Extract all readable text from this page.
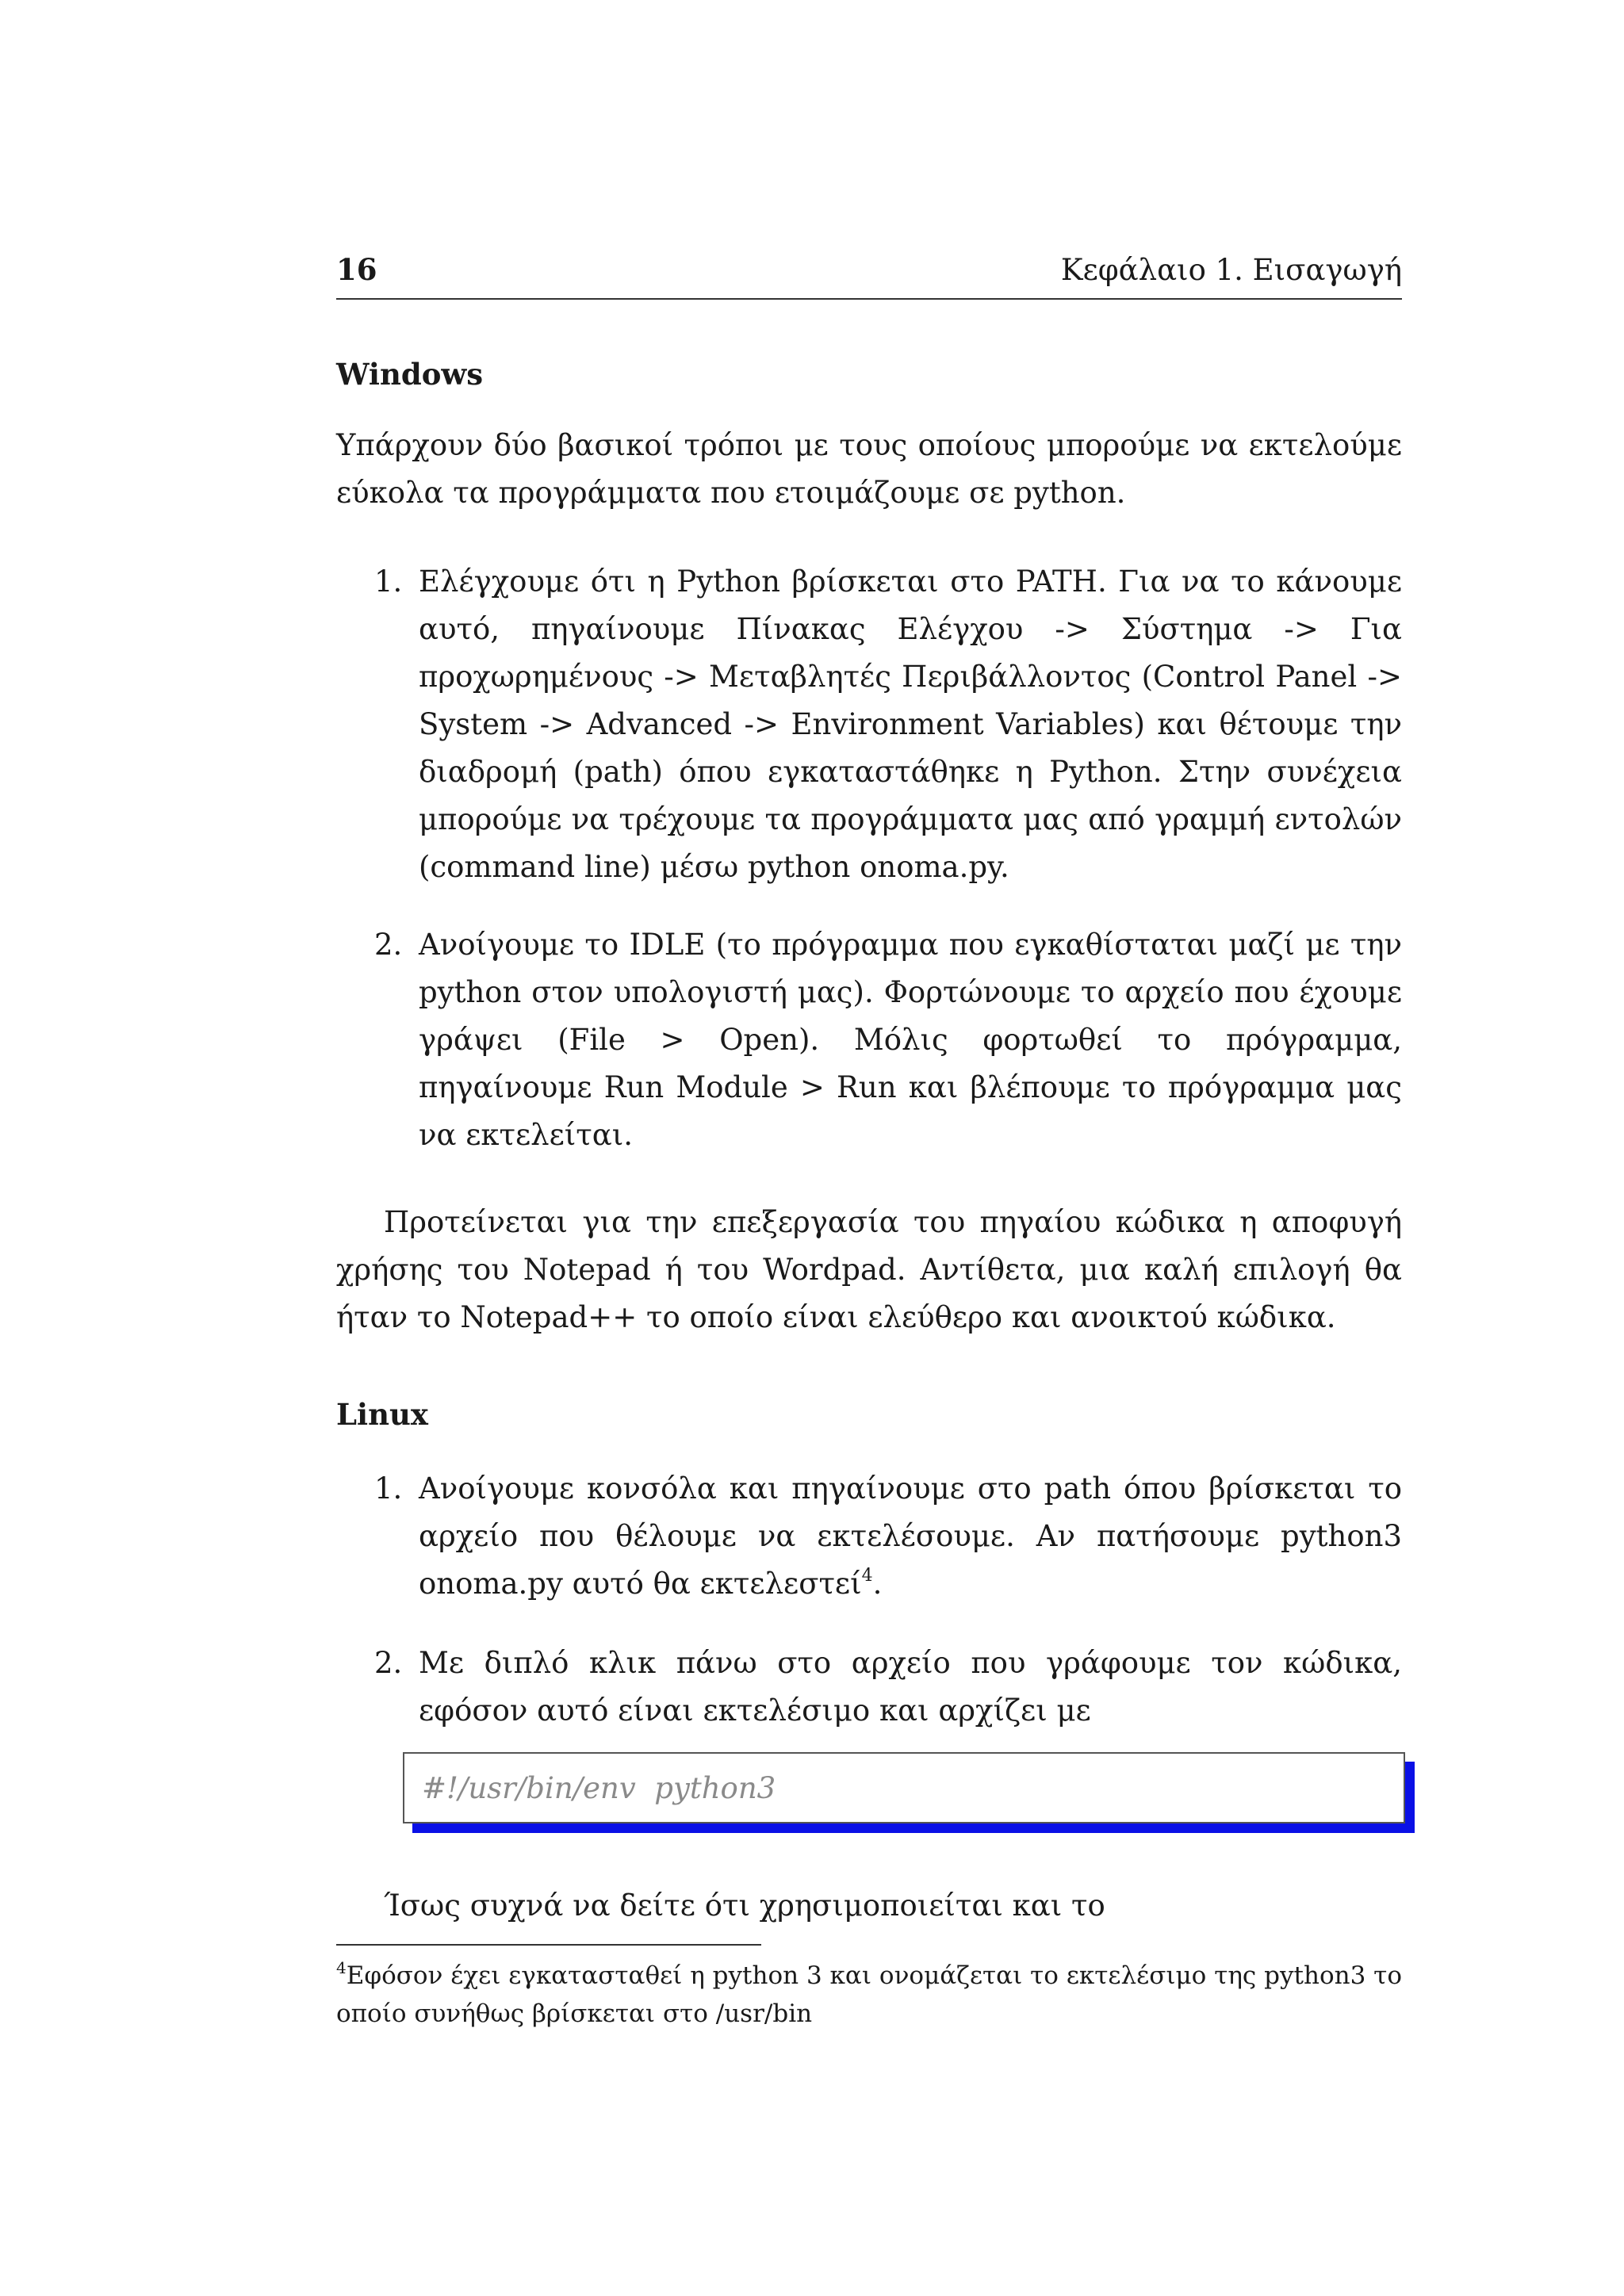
16	Κεφάλαιο 1. Εισαγωγή
Windows

Υπάρχουν δύο βασικοί τρόποι με τους οποίους μπορούμε να εκτελούμε εύκολα τα προγράμματα που ετοιμάζουμε σε python.

1. Ελέγχουμε ότι η Python βρίσκεται στο PATH. Για να το κάνουμε αυτό, πηγαίνουμε Πίνακας Ελέγχου -> Σύστημα -> Για προχωρημένους -> Μεταβλητές Περιβάλλοντος (Control Panel -> System -> Advanced -> Environment Variables) και θέτουμε την διαδρομή (path) όπου εγκαταστάθηκε η Python. Στην συνέχεια μπορούμε να τρέχουμε τα προγράμματα μας από γραμμή εντολών (command line) μέσω python onoma.py.
2. Ανοίγουμε το IDLE (το πρόγραμμα που εγκαθίσταται μαζί με την python στον υπολογιστή μας). Φορτώνουμε το αρχείο που έχουμε γράψει (File > Open). Μόλις φορτωθεί το πρόγραμμα, πηγαίνουμε Run Module > Run και βλέπουμε το πρόγραμμα μας να εκτελείται.

Προτείνεται για την επεξεργασία του πηγαίου κώδικα η αποφυγή χρήσης του Notepad ή του Wordpad. Αντίθετα, μια καλή επιλογή θα ήταν το Notepad++ το οποίο είναι ελεύθερο και ανοικτού κώδικα.

Linux
1. Ανοίγουμε κονσόλα και πηγαίνουμε στο path όπου βρίσκεται το αρχείο που θέλουμε να εκτελέσουμε. Αν πατήσουμε python3 onoma.py αυτό θα εκτελεστεί$^4$.
2. Με διπλό κλικ πάνω στο αρχείο που γράφουμε τον κώδικα, εφόσον αυτό είναι εκτελέσιμο και αρχίζει με
#!/usr/bin/env  python3

Ίσως συχνά να δείτε ότι χρησιμοποιείται και το

$^4$Εφόσον έχει εγκατασταθεί η python 3 και ονομάζεται το εκτελέσιμο της python3 το οποίο συνήθως βρίσκεται στο /usr/bin
